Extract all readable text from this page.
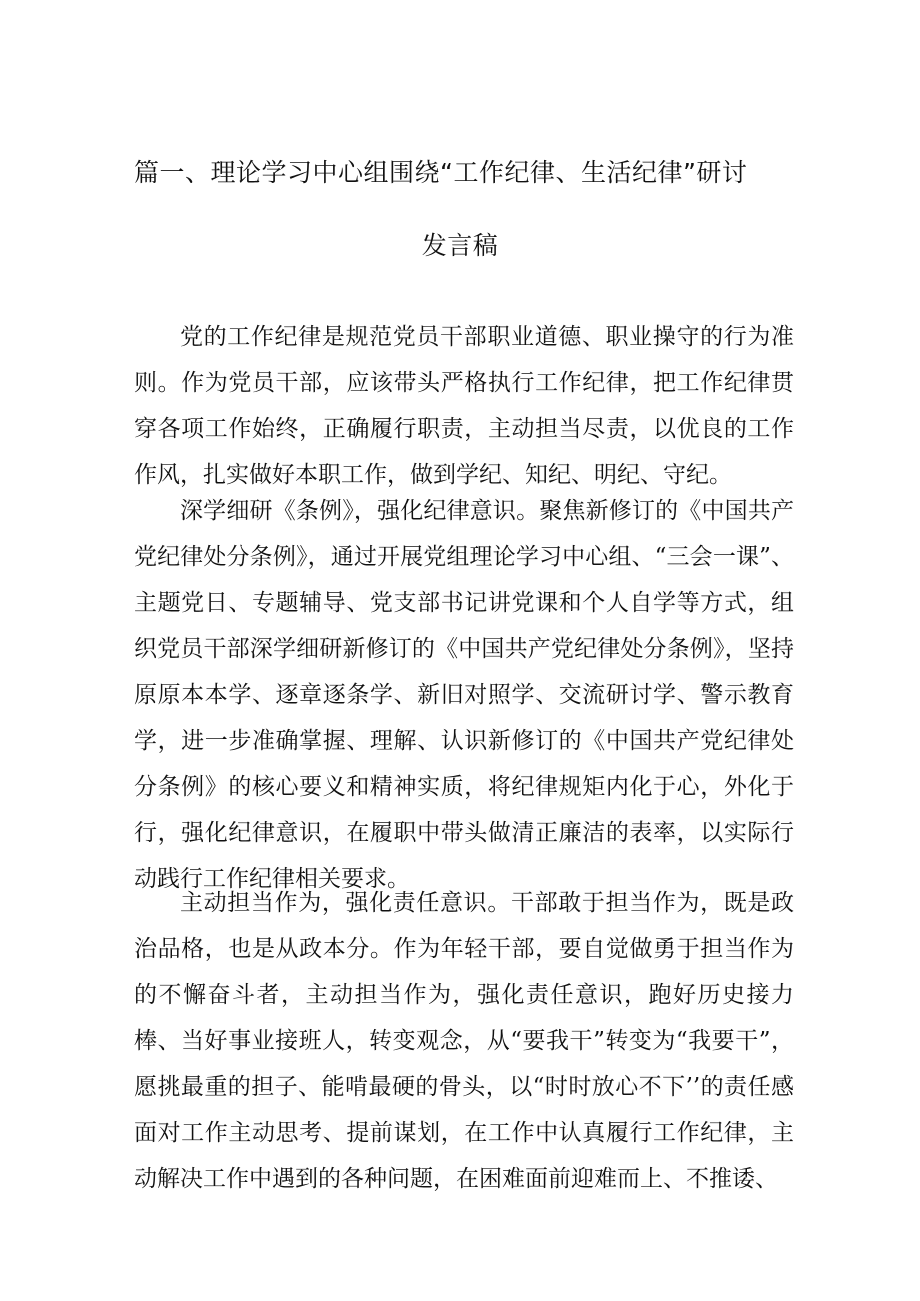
篇一、理论学习中心组围绕“工作纪律、生活纪律”研讨
发言稿

党的工作纪律是规范党员干部职业道德、职业操守的行为准则。作为党员干部，应该带头严格执行工作纪律，把工作纪律贯穿各项工作始终，正确履行职责，主动担当尽责，以优良的工作作风，扎实做好本职工作，做到学纪、知纪、明纪、守纪。

深学细研《条例》，强化纪律意识。聚焦新修订的《中国共产党纪律处分条例》，通过开展党组理论学习中心组、“三会一课”、主题党日、专题辅导、党支部书记讲党课和个人自学等方式，组织党员干部深学细研新修订的《中国共产党纪律处分条例》，坚持原原本本学、逐章逐条学、新旧对照学、交流研讨学、警示教育学，进一步准确掌握、理解、认识新修订的《中国共产党纪律处分条例》的核心要义和精神实质，将纪律规矩内化于心，外化于行，强化纪律意识，在履职中带头做清正廉洁的表率，以实际行动践行工作纪律相关要求。

主动担当作为，强化责任意识。干部敢于担当作为，既是政治品格，也是从政本分。作为年轻干部，要自觉做勇于担当作为的不懈奋斗者，主动担当作为，强化责任意识，跑好历史接力棒、当好事业接班人，转变观念，从“要我干”转变为“我要干”，愿挑最重的担子、能啃最硬的骨头，以“时时放心不下’’的责任感面对工作主动思考、提前谋划，在工作中认真履行工作纪律，主动解决工作中遇到的各种问题，在困难面前迎难而上、不推诿、
